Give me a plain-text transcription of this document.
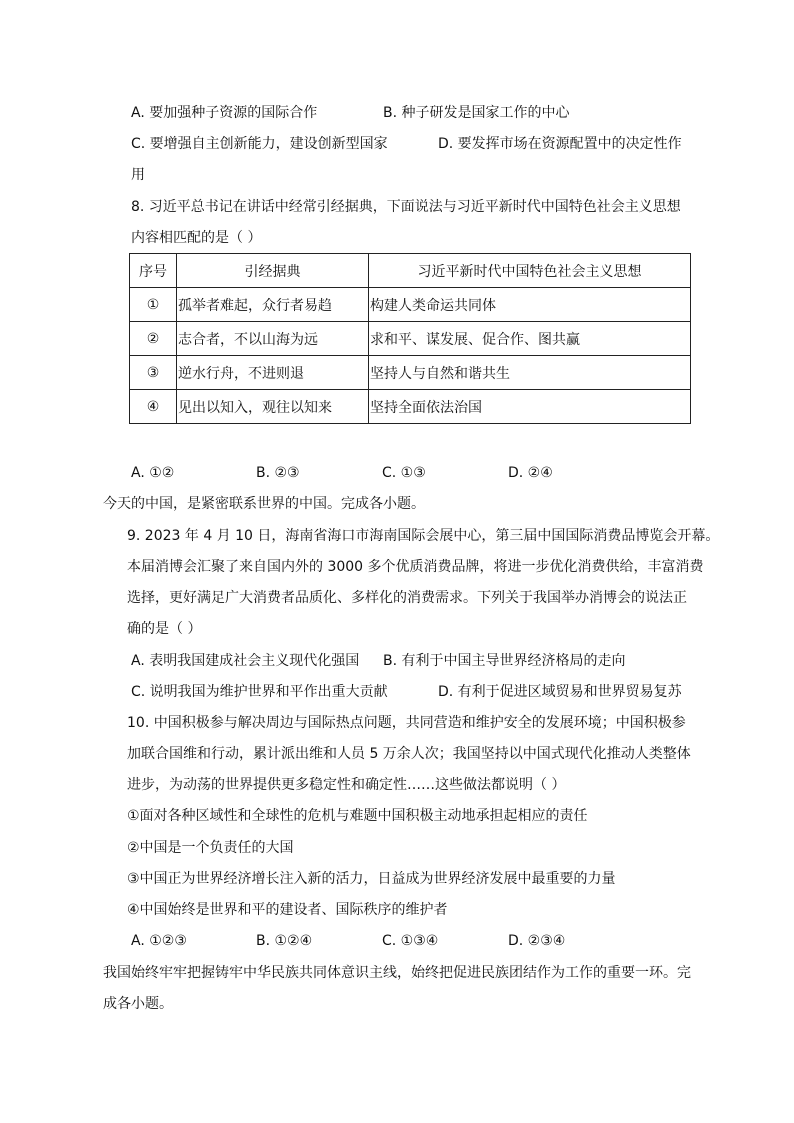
A. 要加强种子资源的国际合作	B. 种子研发是国家工作的中心
C. 要增强自主创新能力，建设创新型国家	D. 要发挥市场在资源配置中的决定性作
用
8. 习近平总书记在讲话中经常引经据典，下面说法与习近平新时代中国特色社会主义思想
内容相匹配的是（ ）
序号	引经据典	习近平新时代中国特色社会主义思想
①	孤举者难起，众行者易趋	构建人类命运共同体
②	志合者，不以山海为远	求和平、谋发展、促合作、图共赢
③	逆水行舟，不进则退	坚持人与自然和谐共生
④	见出以知入，观往以知来	坚持全面依法治国
A. ①②	B. ②③	C. ①③	D. ②④
今天的中国，是紧密联系世界的中国。完成各小题。
9. 2023 年 4 月 10 日，海南省海口市海南国际会展中心，第三届中国国际消费品博览会开幕。
本届消博会汇聚了来自国内外的 3000 多个优质消费品牌，将进一步优化消费供给，丰富消费
选择，更好满足广大消费者品质化、多样化的消费需求。下列关于我国举办消博会的说法正
确的是（ ）
A. 表明我国建成社会主义现代化强国 B. 有利于中国主导世界经济格局的走向
C. 说明我国为维护世界和平作出重大贡献	D. 有利于促进区域贸易和世界贸易复苏
10. 中国积极参与解决周边与国际热点问题，共同营造和维护安全的发展环境；中国积极参
加联合国维和行动，累计派出维和人员 5 万余人次；我国坚持以中国式现代化推动人类整体
进步，为动荡的世界提供更多稳定性和确定性……这些做法都说明（ ）
①面对各种区域性和全球性的危机与难题中国积极主动地承担起相应的责任
②中国是一个负责任的大国
③中国正为世界经济增长注入新的活力，日益成为世界经济发展中最重要的力量
④中国始终是世界和平的建设者、国际秩序的维护者
A. ①②③	B. ①②④	C. ①③④	D. ②③④
我国始终牢牢把握铸牢中华民族共同体意识主线，始终把促进民族团结作为工作的重要一环。完
成各小题。
